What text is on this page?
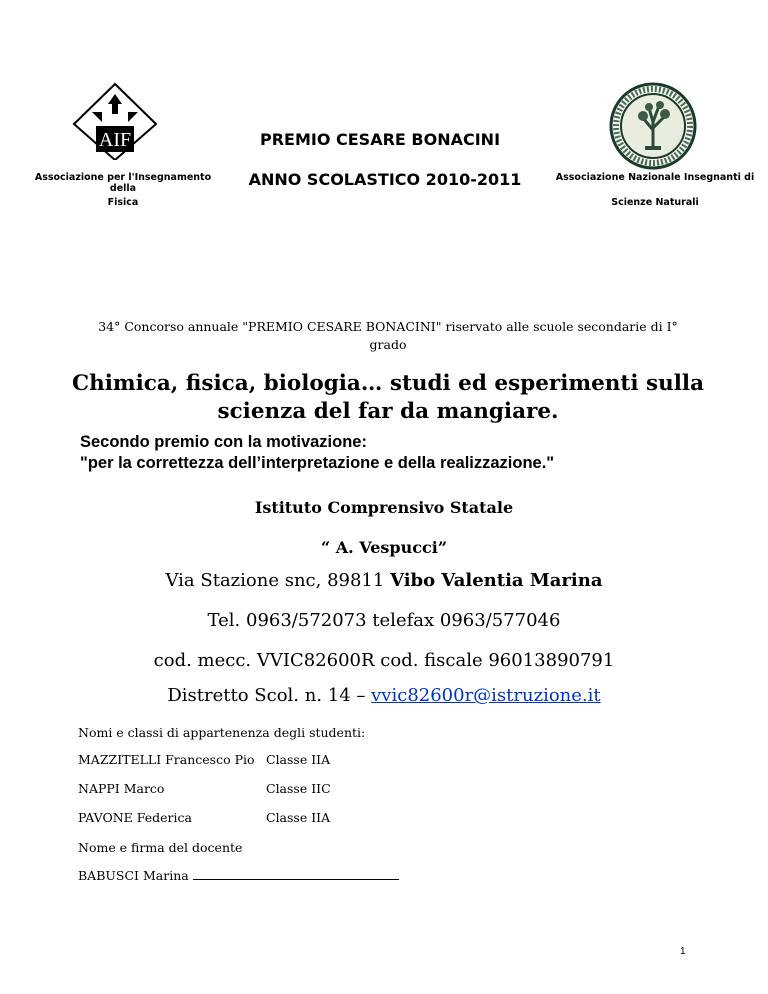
AIF
Associazione per l'Insegnamento della
Fisica
PREMIO CESARE BONACINI
ANNO SCOLASTICO 2010-2011	Associazione Nazionale Insegnanti di
Scienze Naturali
34° Concorso annuale "PREMIO CESARE BONACINI" riservato alle scuole secondarie di I°
grado
Chimica, fisica, biologia… studi ed esperimenti sulla
scienza del far da mangiare.
Secondo premio con la motivazione:
"per la correttezza dell’interpretazione e della realizzazione."
Istituto Comprensivo Statale
“ A. Vespucci”
Via Stazione snc, 89811 Vibo Valentia Marina
Tel. 0963/572073 telefax 0963/577046
cod. mecc. VVIC82600R cod. fiscale 96013890791
Distretto Scol. n. 14 – vvic82600r@istruzione.it
Nomi e classi di appartenenza degli studenti:
MAZZITELLI Francesco Pio Classe IIA
NAPPI Marco	Classe IIC
PAVONE Federica	Classe IIA
Nome e firma del docente
BABUSCI Marina
1
